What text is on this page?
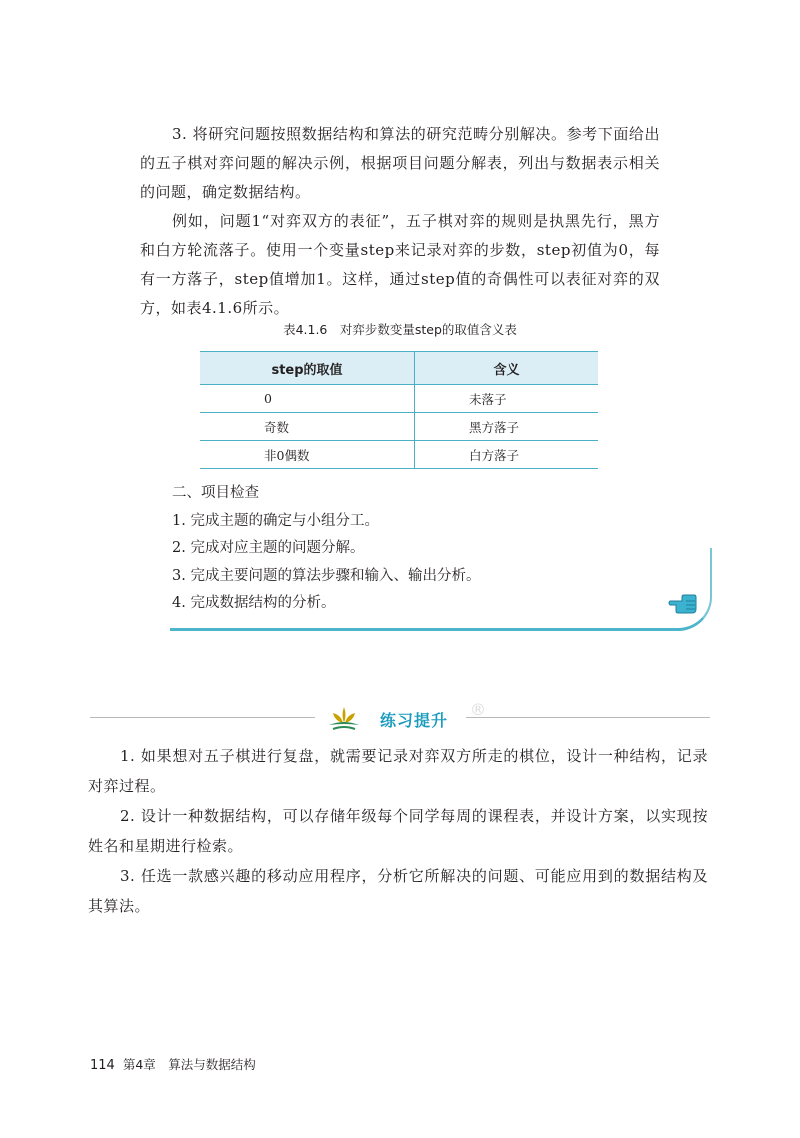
3. 将研究问题按照数据结构和算法的研究范畴分别解决。参考下面给出的五子棋对弈问题的解决示例，根据项目问题分解表，列出与数据表示相关的问题，确定数据结构。

例如，问题1“对弈双方的表征”，五子棋对弈的规则是执黑先行，黑方和白方轮流落子。使用一个变量step来记录对弈的步数，step初值为0，每有一方落子，step值增加1。这样，通过step值的奇偶性可以表征对弈的双方，如表4.1.6所示。

表4.1.6　对弈步数变量step的取值含义表
step的取值	含义
0	未落子
奇数	黑方落子
非0偶数	白方落子
二、项目检查
1. 完成主题的确定与小组分工。
2. 完成对应主题的问题分解。
3. 完成主要问题的算法步骤和输入、输出分析。
4. 完成数据结构的分析。
练习提升
®

1. 如果想对五子棋进行复盘，就需要记录对弈双方所走的棋位，设计一种结构，记录对弈过程。

2. 设计一种数据结构，可以存储年级每个同学每周的课程表，并设计方案，以实现按姓名和星期进行检索。

3. 任选一款感兴趣的移动应用程序，分析它所解决的问题、可能应用到的数据结构及其算法。

114 第4章　算法与数据结构
